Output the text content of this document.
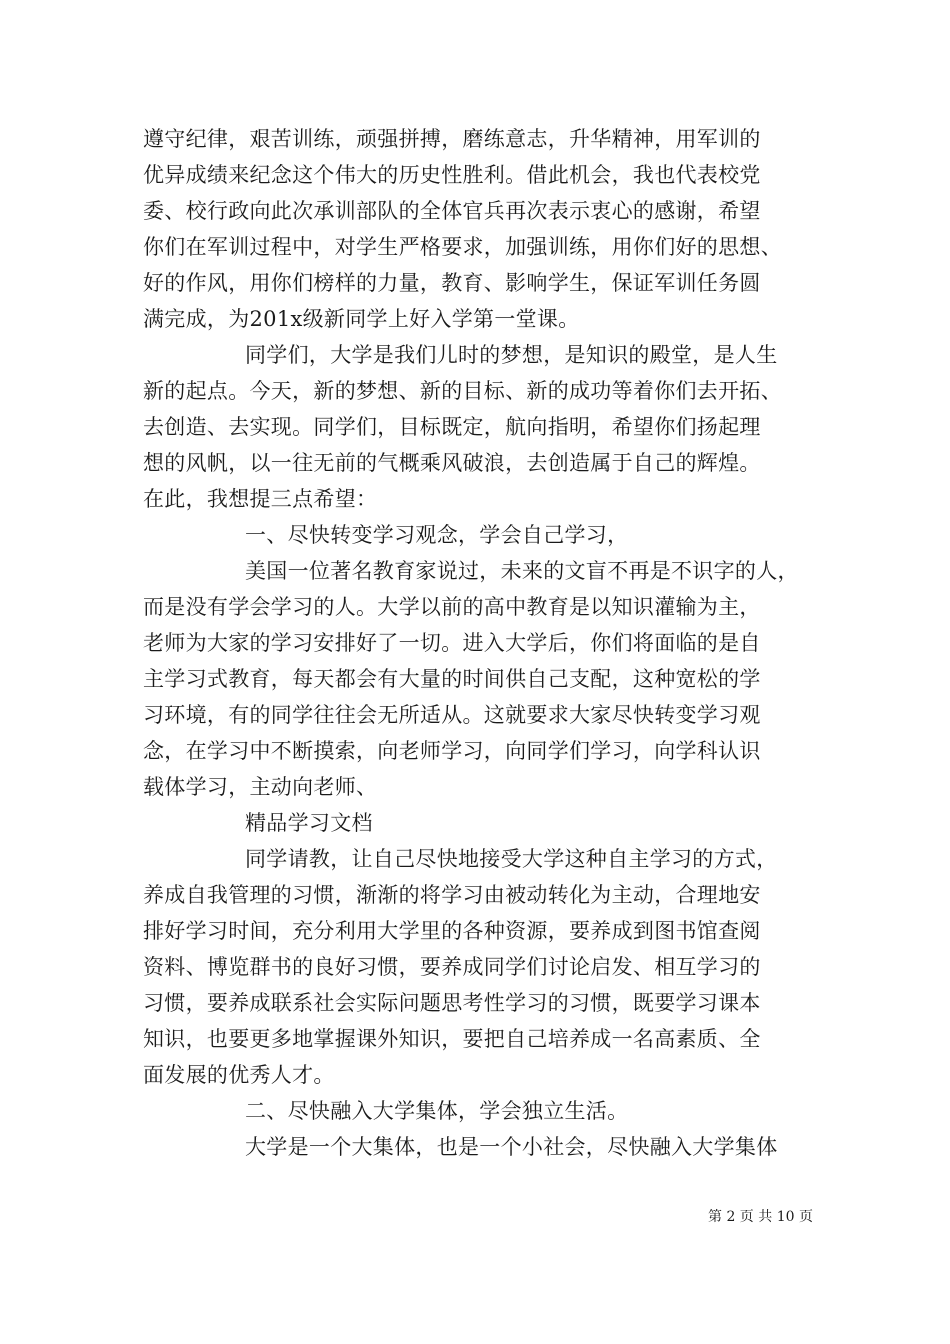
遵守纪律，艰苦训练，顽强拼搏，磨练意志，升华精神，用军训的
优异成绩来纪念这个伟大的历史性胜利。借此机会，我也代表校党
委、校行政向此次承训部队的全体官兵再次表示衷心的感谢，希望
你们在军训过程中，对学生严格要求，加强训练，用你们好的思想、
好的作风，用你们榜样的力量，教育、影响学生，保证军训任务圆
满完成，为201x级新同学上好入学第一堂课。
同学们，大学是我们儿时的梦想，是知识的殿堂，是人生
新的起点。今天，新的梦想、新的目标、新的成功等着你们去开拓、
去创造、去实现。同学们，目标既定，航向指明，希望你们扬起理
想的风帆，以一往无前的气概乘风破浪，去创造属于自己的辉煌。
在此，我想提三点希望：
一、尽快转变学习观念，学会自己学习，
美国一位著名教育家说过，未来的文盲不再是不识字的人，
而是没有学会学习的人。大学以前的高中教育是以知识灌输为主，
老师为大家的学习安排好了一切。进入大学后，你们将面临的是自
主学习式教育，每天都会有大量的时间供自己支配，这种宽松的学
习环境，有的同学往往会无所适从。这就要求大家尽快转变学习观
念，在学习中不断摸索，向老师学习，向同学们学习，向学科认识
载体学习，主动向老师、
精品学习文档
同学请教，让自己尽快地接受大学这种自主学习的方式，
养成自我管理的习惯，渐渐的将学习由被动转化为主动，合理地安
排好学习时间，充分利用大学里的各种资源，要养成到图书馆查阅
资料、博览群书的良好习惯，要养成同学们讨论启发、相互学习的
习惯，要养成联系社会实际问题思考性学习的习惯，既要学习课本
知识，也要更多地掌握课外知识，要把自己培养成一名高素质、全
面发展的优秀人才。
二、尽快融入大学集体，学会独立生活。
大学是一个大集体，也是一个小社会，尽快融入大学集体
第 2 页 共 10 页
